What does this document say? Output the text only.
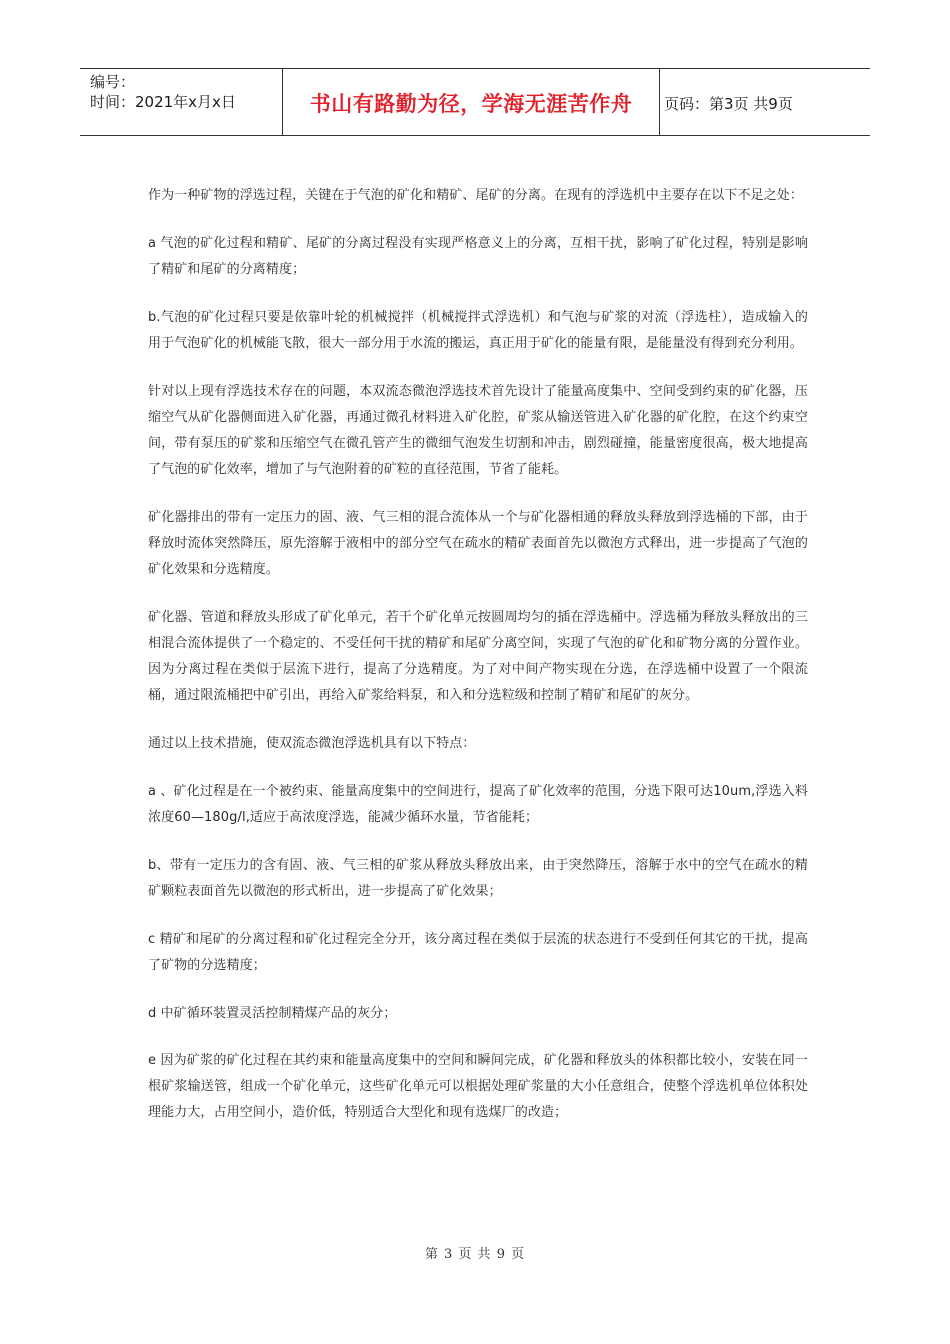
编号：
时间：2021年x月x日	书山有路勤为径，学海无涯苦作舟 页码：第3页 共9页

作为一种矿物的浮选过程，关键在于气泡的矿化和精矿、尾矿的分离。在现有的浮选机中主要存在以下不足之处：

a 气泡的矿化过程和精矿、尾矿的分离过程没有实现严格意义上的分离，互相干扰，影响了矿化过程，特别是影响了精矿和尾矿的分离精度；

b.气泡的矿化过程只要是依靠叶轮的机械搅拌（机械搅拌式浮选机）和气泡与矿浆的对流（浮选柱），造成输入的用于气泡矿化的机械能飞散，很大一部分用于水流的搬运，真正用于矿化的能量有限，是能量没有得到充分利用。

针对以上现有浮选技术存在的问题，本双流态微泡浮选技术首先设计了能量高度集中、空间受到约束的矿化器，压缩空气从矿化器侧面进入矿化器，再通过微孔材料进入矿化腔，矿浆从输送管进入矿化器的矿化腔，在这个约束空间，带有泵压的矿浆和压缩空气在微孔管产生的微细气泡发生切割和冲击，剧烈碰撞，能量密度很高，极大地提高了气泡的矿化效率，增加了与气泡附着的矿粒的直径范围，节省了能耗。

矿化器排出的带有一定压力的固、液、气三相的混合流体从一个与矿化器相通的释放头释放到浮选桶的下部，由于释放时流体突然降压，原先溶解于液相中的部分空气在疏水的精矿表面首先以微泡方式释出，进一步提高了气泡的矿化效果和分选精度。

矿化器、管道和释放头形成了矿化单元，若干个矿化单元按圆周均匀的插在浮选桶中。浮选桶为释放头释放出的三相混合流体提供了一个稳定的、不受任何干扰的精矿和尾矿分离空间，实现了气泡的矿化和矿物分离的分置作业。因为分离过程在类似于层流下进行，提高了分选精度。为了对中间产物实现在分选，在浮选桶中设置了一个限流桶，通过限流桶把中矿引出，再给入矿浆给料泵，和入和分选粒级和控制了精矿和尾矿的灰分。

通过以上技术措施，使双流态微泡浮选机具有以下特点：

a 、矿化过程是在一个被约束、能量高度集中的空间进行，提高了矿化效率的范围，分选下限可达10um,浮选入料浓度60—180g/l,适应于高浓度浮选，能减少循环水量，节省能耗；

b、带有一定压力的含有固、液、气三相的矿浆从释放头释放出来，由于突然降压，溶解于水中的空气在疏水的精矿颗粒表面首先以微泡的形式析出，进一步提高了矿化效果；

c 精矿和尾矿的分离过程和矿化过程完全分开，该分离过程在类似于层流的状态进行不受到任何其它的干扰，提高了矿物的分选精度；

d 中矿循环装置灵活控制精煤产品的灰分；

e 因为矿浆的矿化过程在其约束和能量高度集中的空间和瞬间完成，矿化器和释放头的体积都比较小，安装在同一根矿浆输送管，组成一个矿化单元，这些矿化单元可以根据处理矿浆量的大小任意组合，使整个浮选机单位体积处理能力大，占用空间小，造价低，特别适合大型化和现有选煤厂的改造；

第 3 页 共 9 页
